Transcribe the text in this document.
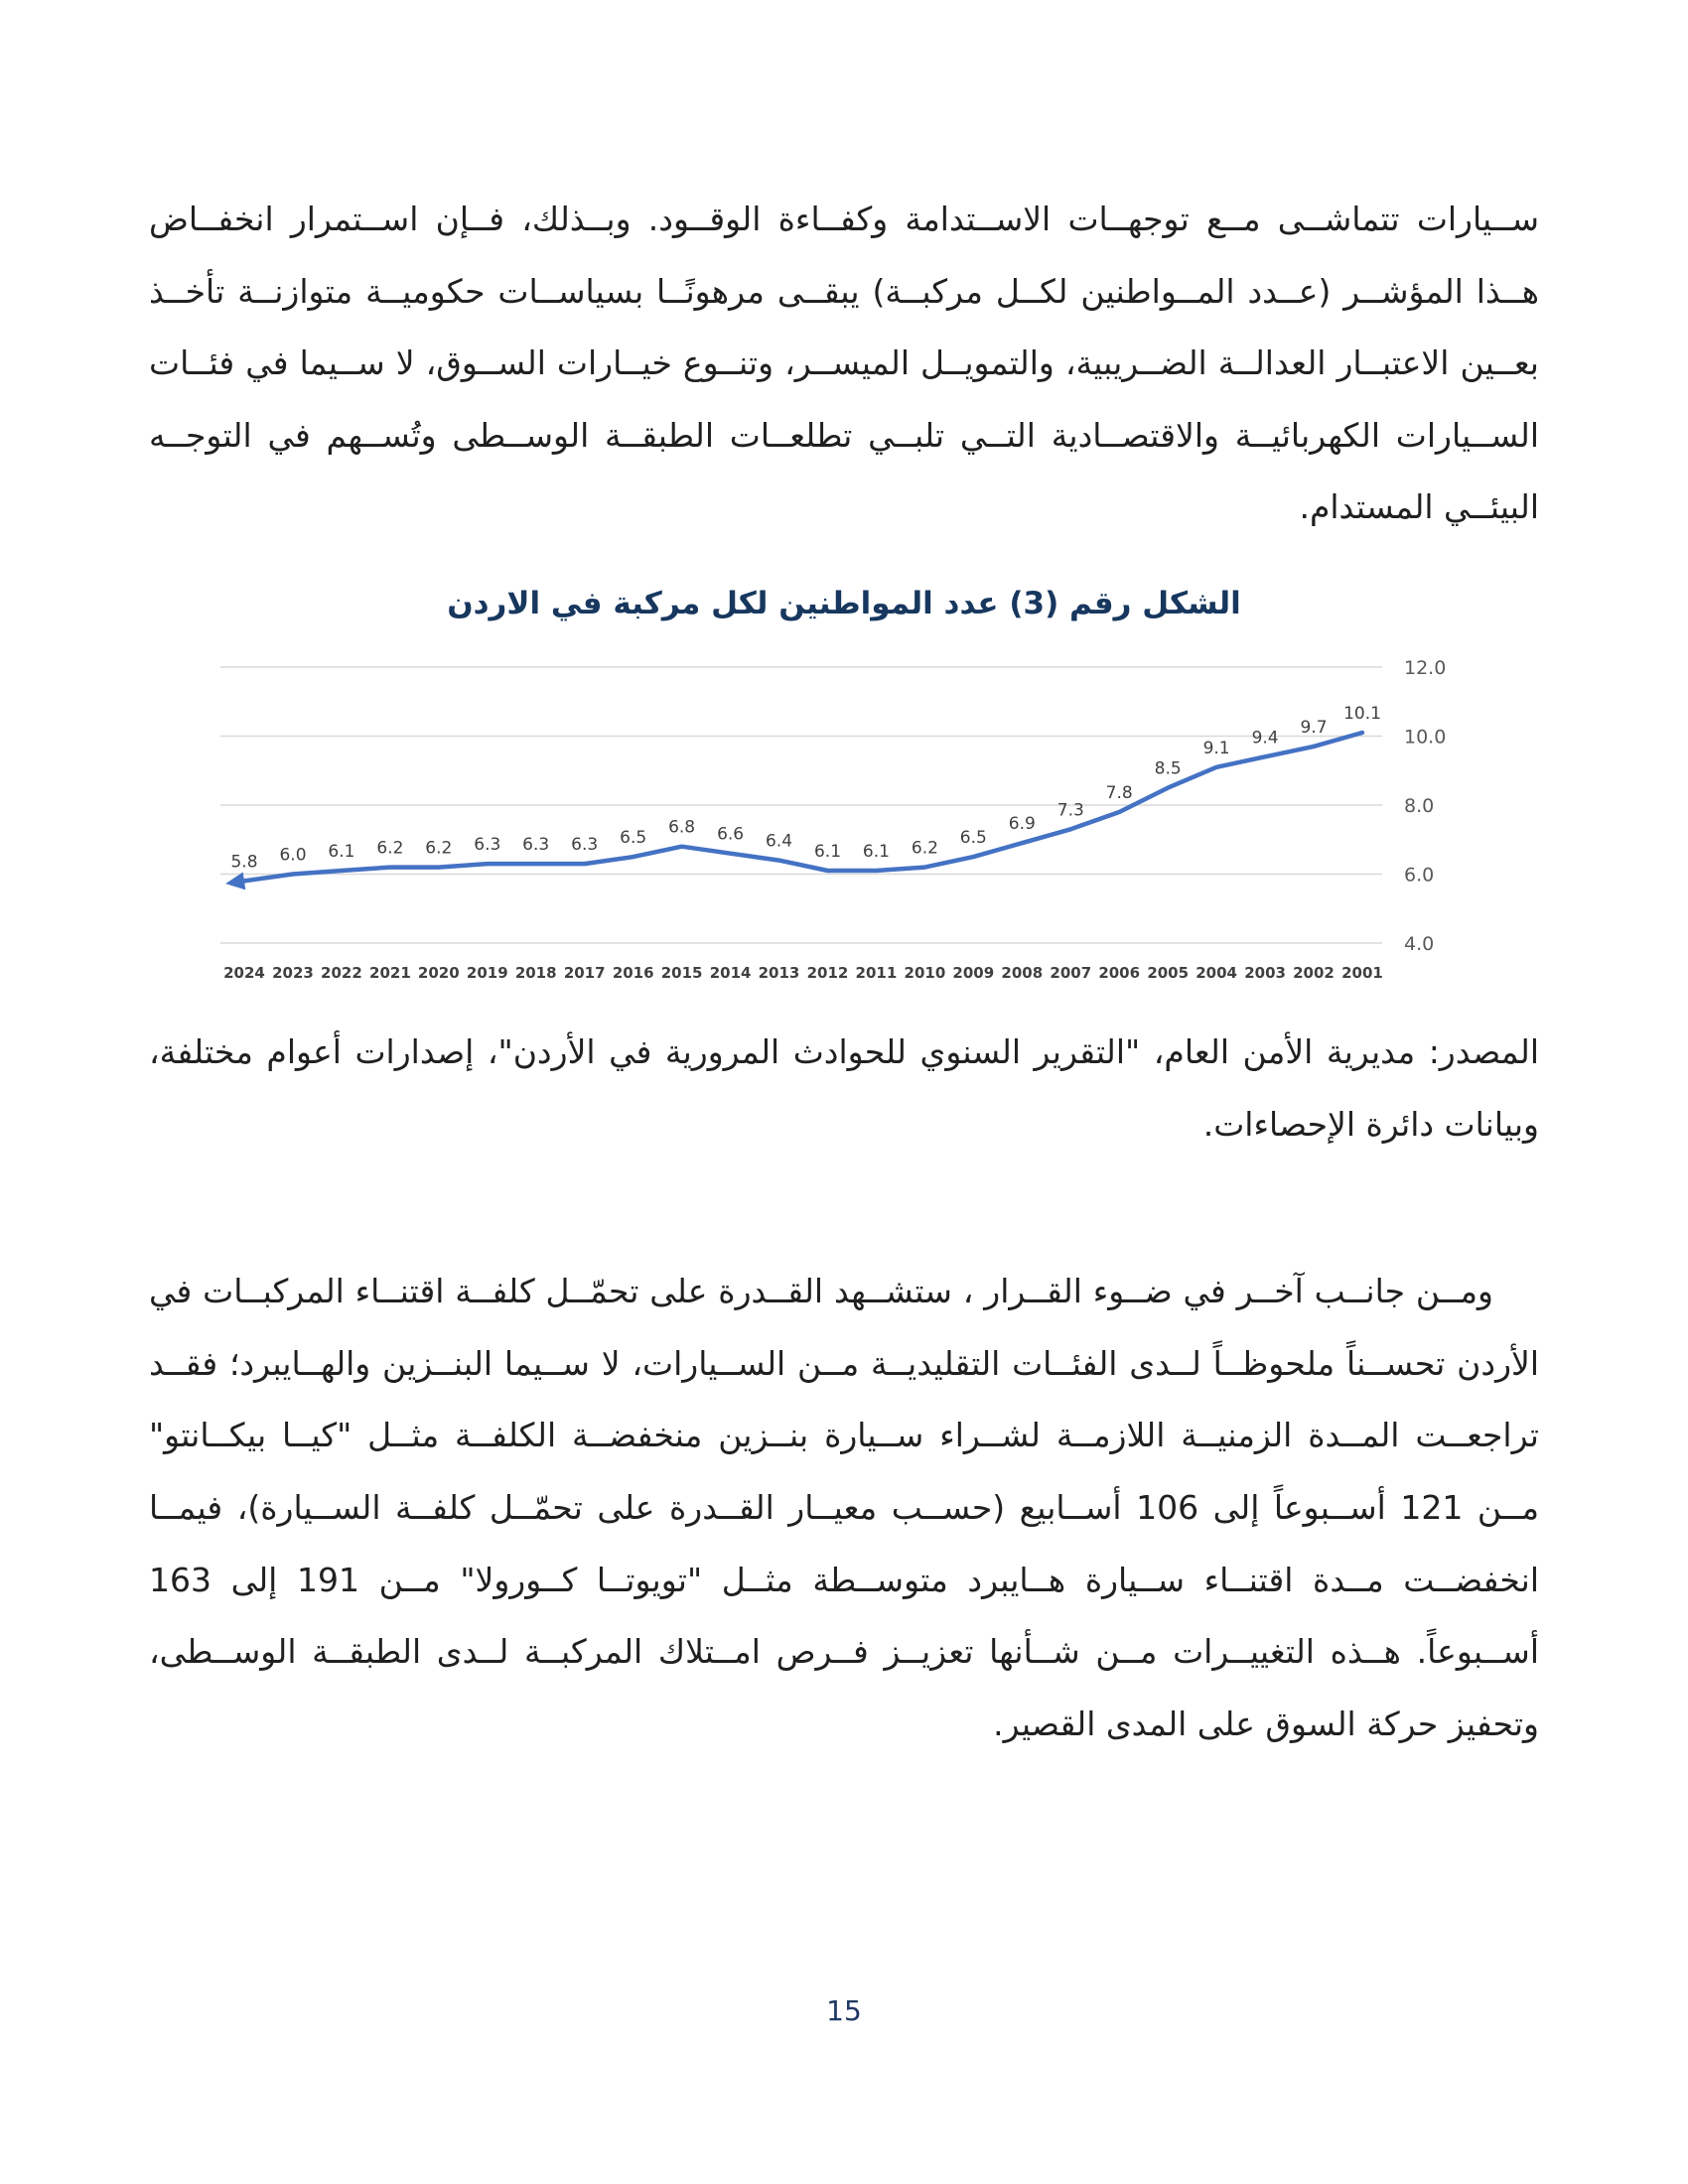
ســيارات تتماشــى مــع توجهــات الاســتدامة وكفــاءة الوقــود. وبــذلك، فــإن اســتمرار انخفــاض هــذا المؤشــر (عــدد المــواطنين لكــل مركبــة) يبقــى مرهونًــا بسياســات حكوميــة متوازنــة تأخــذ بعــين الاعتبــار العدالــة الضــريبية، والتمويــل الميســر، وتنــوع خيــارات الســوق، لا ســيما في فئــات الســيارات الكهربائيــة والاقتصــادية التــي تلبــي تطلعــات الطبقــة الوســطى وتُســهم في التوجــه البيئــي المستدام.

الشكل رقم (3) عدد المواطنين لكل مركبة في الاردن
12.0
10.0
8.0
6.0
4.0
5.8 6.0 6.1 6.2 6.2 6.3 6.3 6.3 6.5
6.8 6.6 6.4
6.1 6.1 6.2
6.5
6.9
7.3
7.8
8.5
9.1
9.4
9.7
10.1
2024 2023 2022 2021 2020 2019 2018 2017 2016 2015 2014 2013 2012 2011 2010 2009 2008 2007 2006 2005 2004 2003 2002 2001

المصدر: مديرية الأمن العام، "التقرير السنوي للحوادث المرورية في الأردن"، إصدارات أعوام مختلفة، وبيانات دائرة الإحصاءات.

ومــن جانــب آخــر في ضــوء القــرار ، ستشــهد القــدرة على تحمّــل كلفــة اقتنــاء المركبــات في الأردن تحســناً ملحوظــاً لــدى الفئــات التقليديــة مــن الســيارات، لا ســيما البنــزين والهــايبرد؛ فقــد تراجعــت المــدة الزمنيــة اللازمــة لشــراء ســيارة بنــزين منخفضــة الكلفــة مثــل "كيــا بيكــانتو" مــن 121 أســبوعاً إلى 106 أســابيع (حســب معيــار القــدرة على تحمّــل كلفــة الســيارة)، فيمــا انخفضــت مــدة اقتنــاء ســيارة هــايبرد متوســطة مثــل "تويوتــا كــورولا" مــن 191 إلى 163 أســبوعاً. هــذه التغييــرات مــن شــأنها تعزيــز فــرص امــتلاك المركبــة لــدى الطبقــة الوســطى، وتحفيز حركة السوق على المدى القصير.

15
